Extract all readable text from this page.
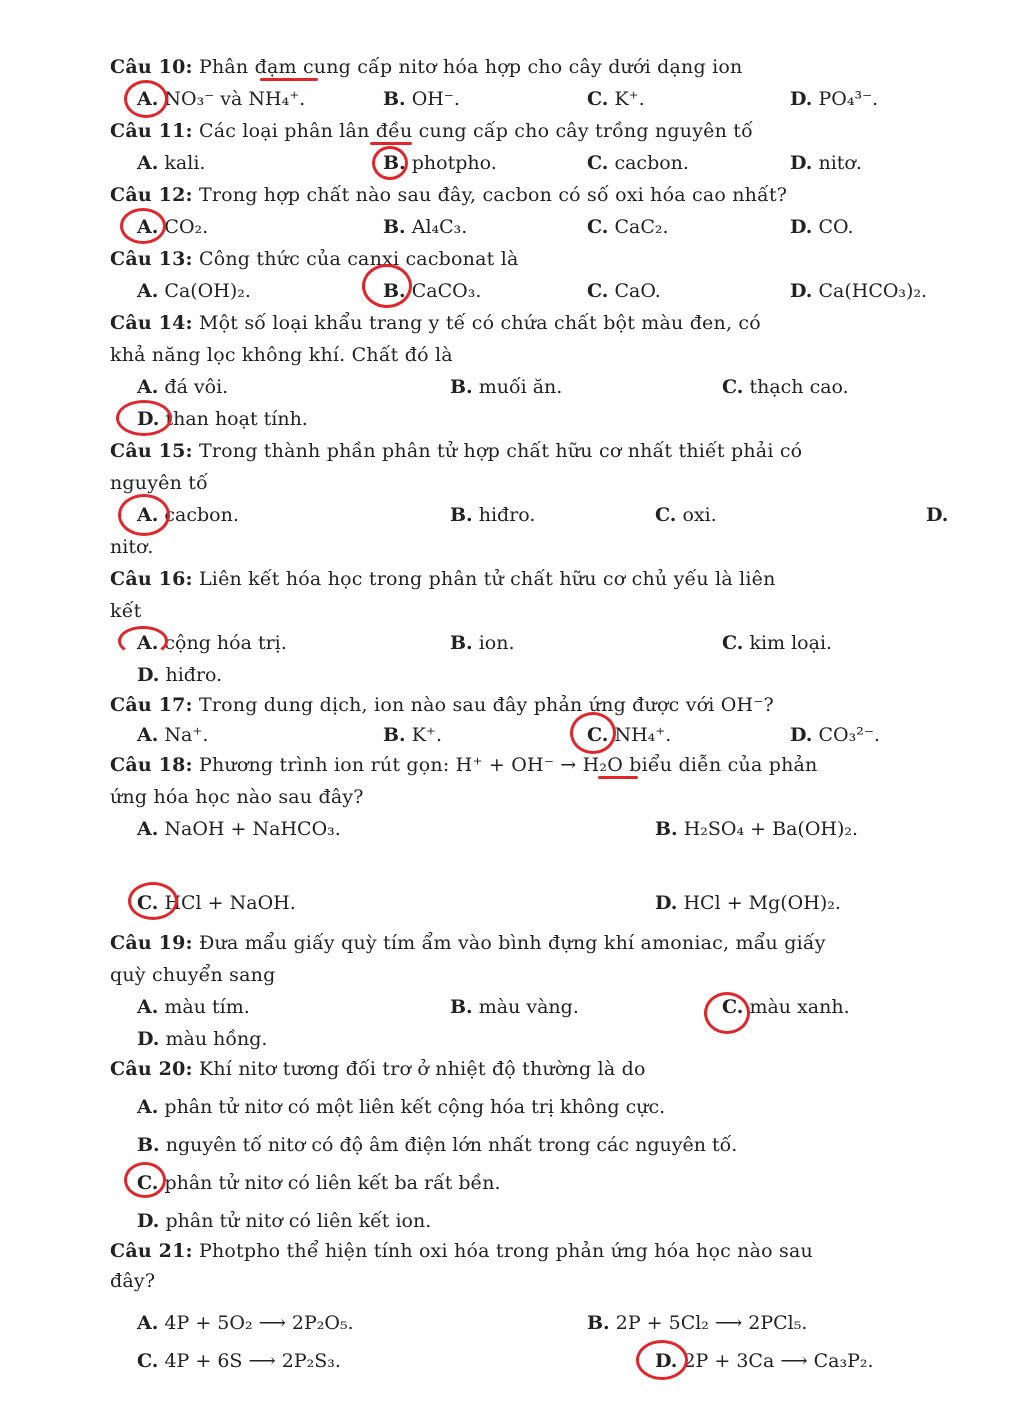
Câu 10: Phân đạm cung cấp nitơ hóa hợp cho cây dưới dạng ion
A. NO₃⁻ và NH₄⁺.	B. OH⁻.	C. K⁺.	D. PO₄³⁻.
Câu 11: Các loại phân lân đều cung cấp cho cây trồng nguyên tố
A. kali.	B. photpho.	C. cacbon.	D. nitơ.
Câu 12: Trong hợp chất nào sau đây, cacbon có số oxi hóa cao nhất?
A. CO₂.	B. Al₄C₃.	C. CaC₂.	D. CO.
Câu 13: Công thức của canxi cacbonat là
A. Ca(OH)₂.	B. CaCO₃.	C. CaO.	D. Ca(HCO₃)₂.
Câu 14: Một số loại khẩu trang y tế có chứa chất bột màu đen, có
khả năng lọc không khí. Chất đó là
A. đá vôi.	B. muối ăn.	C. thạch cao.
D. than hoạt tính.
Câu 15: Trong thành phần phân tử hợp chất hữu cơ nhất thiết phải có
nguyên tố
A. cacbon.	B. hiđro.	C. oxi.	D.
nitơ.
Câu 16: Liên kết hóa học trong phân tử chất hữu cơ chủ yếu là liên
kết
A. cộng hóa trị.	B. ion.	C. kim loại.
D. hiđro.
Câu 17: Trong dung dịch, ion nào sau đây phản ứng được với OH⁻?
A. Na⁺.	B. K⁺.	C. NH₄⁺.	D. CO₃²⁻.
Câu 18: Phương trình ion rút gọn: H⁺ + OH⁻ → H₂O biểu diễn của phản
ứng hóa học nào sau đây?
A. NaOH + NaHCO₃.	B. H₂SO₄ + Ba(OH)₂.
C. HCl + NaOH.	D. HCl + Mg(OH)₂.
Câu 19: Đưa mẩu giấy quỳ tím ẩm vào bình đựng khí amoniac, mẩu giấy
quỳ chuyển sang
A. màu tím.	B. màu vàng.	C. màu xanh.
D. màu hồng.
Câu 20: Khí nitơ tương đối trơ ở nhiệt độ thường là do
A. phân tử nitơ có một liên kết cộng hóa trị không cực.
B. nguyên tố nitơ có độ âm điện lớn nhất trong các nguyên tố.
C. phân tử nitơ có liên kết ba rất bền.
D. phân tử nitơ có liên kết ion.
Câu 21: Photpho thể hiện tính oxi hóa trong phản ứng hóa học nào sau
đây?
A. 4P + 5O₂ ⟶ 2P₂O₅.	B. 2P + 5Cl₂ ⟶ 2PCl₅.
C. 4P + 6S ⟶ 2P₂S₃.	D. 2P + 3Ca ⟶ Ca₃P₂.
